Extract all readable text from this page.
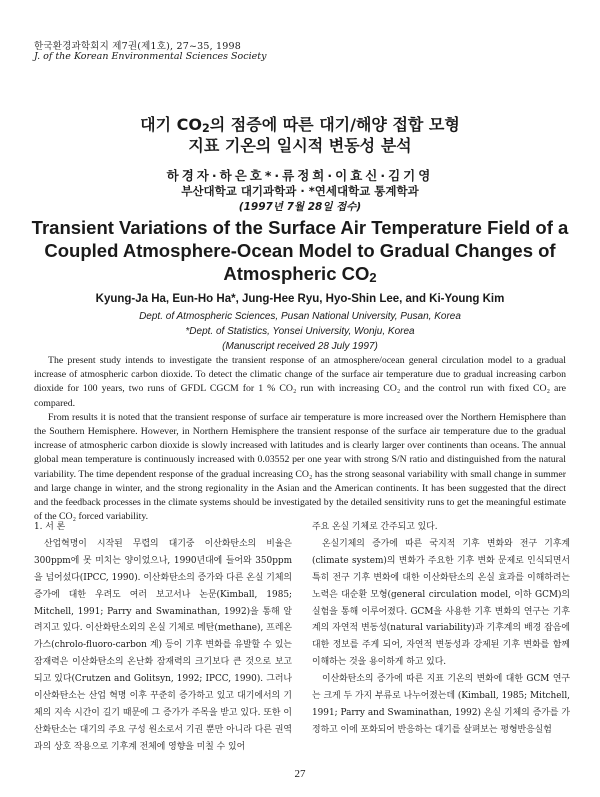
한국환경과학회지 제7권(제1호), 27~35, 1998
J. of the Korean Environmental Sciences Society
대기 $CO_2$의 점증에 따른 대기/해양 접합 모형
지표 기온의 일시적 변동성 분석
하경자·하은호*·류정희·이효신·김기영
부산대학교 대기과학과 · *연세대학교 통계학과
(1997년 7월 28일 접수)
Transient Variations of the Surface Air Temperature Field of a
Coupled Atmosphere-Ocean Model to Gradual Changes of
Atmospheric $CO_2$
Kyung-Ja Ha, Eun-Ho Ha*, Jung-Hee Ryu, Hyo-Shin Lee, and Ki-Young Kim
Dept. of Atmospheric Sciences, Pusan National University, Pusan, Korea
*Dept. of Statistics, Yonsei University, Wonju, Korea
(Manuscript received 28 July 1997)

The present study intends to investigate the transient response of an atmosphere/ocean general circulation model to a gradual increase of atmospheric carbon dioxide. To detect the climatic change of the surface air temperature due to gradual increasing carbon dioxide for 100 years, two runs of GFDL CGCM for 1 % CO₂ run with increasing CO₂ and the control run with fixed CO₂ are compared.

From results it is noted that the transient response of surface air temperature is more increased over the Northern Hemisphere than the Southern Hemisphere. However, in Northern Hemisphere the transient response of the surface air temperature due to the gradual increase of atmospheric carbon dioxide is slowly increased with latitudes and is clearly larger over continents than oceans. The annual global mean temperature is continuously increased with 0.03552 per one year with strong S/N ratio and distinguished from the natural variability. The time dependent response of the gradual increasing CO₂ has the strong seasonal variability with small change in summer and large change in winter, and the strong regionality in the Asian and the American continents. It has been suggested that the direct and the feedback processes in the climate systems should be investigated by the detailed sensitivity runs to get the meaningful estimate of the CO₂ forced variability.

1. 서 론

산업혁명이 시작된 무렵의 대기중 이산화탄소의 비율은 300ppm에 못 미치는 양이었으나, 1990년대에 들어와 350ppm을 넘어섰다(IPCC, 1990). 이산화탄소의 증가와 다른 온실 기체의 증가에 대한 우려도 여러 보고서나 논문(Kimball, 1985; Mitchell, 1991; Parry and Swaminathan, 1992)을 통해 알려지고 있다. 이산화탄소외의 온실 기체로 메탄(methane), 프레온 가스(chrolo-fluoro-carbon 계) 등이 기후 변화를 유발할 수 있는 잠재력은 이산화탄소의 온난화 잠재력의 크기보다 큰 것으로 보고되고 있다(Crutzen and Golitsyn, 1992; IPCC, 1990). 그러나 이산화탄소는 산업 혁명 이후 꾸준히 증가하고 있고 대기에서의 기체의 지속 시간이 길기 때문에 그 증가가 주목을 받고 있다. 또한 이산화탄소는 대기의 주요 구성 원소로서 기권 뿐만 아니라 다른 권역과의 상호 작용으로 기후계 전체에 영향을 미칠 수 있어

주요 온실 기체로 간주되고 있다.

온실기체의 증가에 따른 국지적 기후 변화와 전구 기후계(climate system)의 변화가 주요한 기후 변화 문제로 인식되면서 특히 전구 기후 변화에 대한 이산화탄소의 온실 효과를 이해하려는 노력은 대순환 모형(general circulation model, 이하 GCM)의 실험을 통해 이루어졌다. GCM을 사용한 기후 변화의 연구는 기후계의 자연적 변동성(natural variability)과 기후계의 배경 잡음에 대한 정보를 주게 되어, 자연적 변동성과 강제된 기후 변화를 함께 이해하는 것을 용이하게 하고 있다.

이산화탄소의 증가에 따른 지표 기온의 변화에 대한 GCM 연구는 크게 두 가지 부류로 나누어졌는데 (Kimball, 1985; Mitchell, 1991; Parry and Swaminathan, 1992) 온실 기체의 증가를 가정하고 이에 포화되어 반응하는 대기를 살펴보는 평형반응실험

27
